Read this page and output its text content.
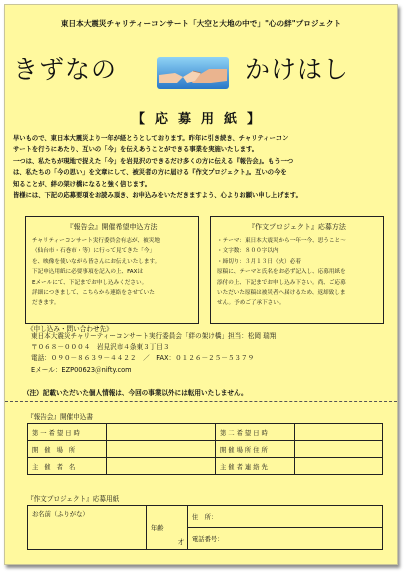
東日本大震災チャリティーコンサート「大空と大地の中で」"心の絆"プロジェクト
きずなの	かけはし
【応募用紙】

早いもので、東日本大震災より一年が経とうとしております。昨年に引き続き、チャリティーコン

サートを行うにあたり、互いの「今」を伝えあうことができる事業を実施いたします。

一つは、私たちが現地で捉えた「今」を岩見沢のできるだけ多くの方に伝える『報告会』。もう一つ

は、私たちの「今の思い」を文章にして、被災者の方に届ける『作文プロジェクト』。互いの今を

知ることが、絆の架け橋になると強く信じます。

皆様には、下記の応募要項をお読み頂き、お申込みをいただきますよう、心よりお願い申し上げます。

『報告会』開催希望申込方法

チャリティーコンサート実行委員会有志が、被災地

（仙台市・石巻市・等）に行って見てきた「今」

を、映像を使いながら皆さんにお伝えいたします。

下記申込用紙に必要事項を記入の上、FAXは

Eメールにて、下記までお申し込みください。

詳細につきまして、こちらから連絡をさせていた

だきます。

『作文プロジェクト』応募方法

・テーマ：東日本大震災から一年一今、思うこと～

・文字数：８００字以内

・締切り：３月１３日（火）必着

原稿に、テーマと氏名をお必ず記入し、応募用紙を

添付の上、下記までお申し込み下さい。尚、ご応募

いただいた原稿は被災者へ届けるため、返却致しま

せん。予めご了承下さい。

《申し込み・問い合わせ先》

東日本大震災チャリーティーコンサート実行委員会「絆の架け橋」担当：松岡 瑞翔

〒０６８－０００４　岩見沢市４条東３丁目３

電話：０９０－８６３９－４４２２　／　FAX：０１２６－２５－５３７９

Eメール：EZP00623＠nifty.com

（注）記載いただいた個人情報は、今回の事業以外には転用いたしません。
『報告会』開催申込書
第一希望日時		第二希望日時	
開 催 場 所		開催場所住所	
主 催 者 名		主催者連絡先	
『作文プロジェクト』応募用紙
お名前（ふりがな）	年齢
才
	住　所：
電話番号：
